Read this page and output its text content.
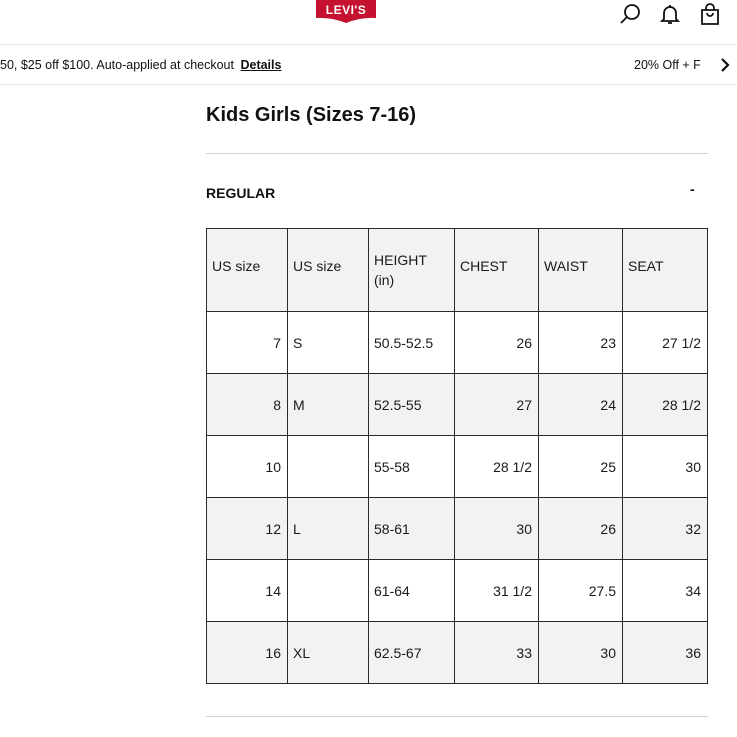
LEVI'S
50, $25 off $100. Auto-applied at checkout Details	20% Off + F
Kids Girls (Sizes 7-16)
REGULAR	-
US size	US size	HEIGHT (in)	CHEST	WAIST	SEAT
7	S	50.5-52.5	26	23	27 1/2
8	M	52.5-55	27	24	28 1/2
10		55-58	28 1/2	25	30
12	L	58-61	30	26	32
14		61-64	31 1/2	27.5	34
16	XL	62.5-67	33	30	36
